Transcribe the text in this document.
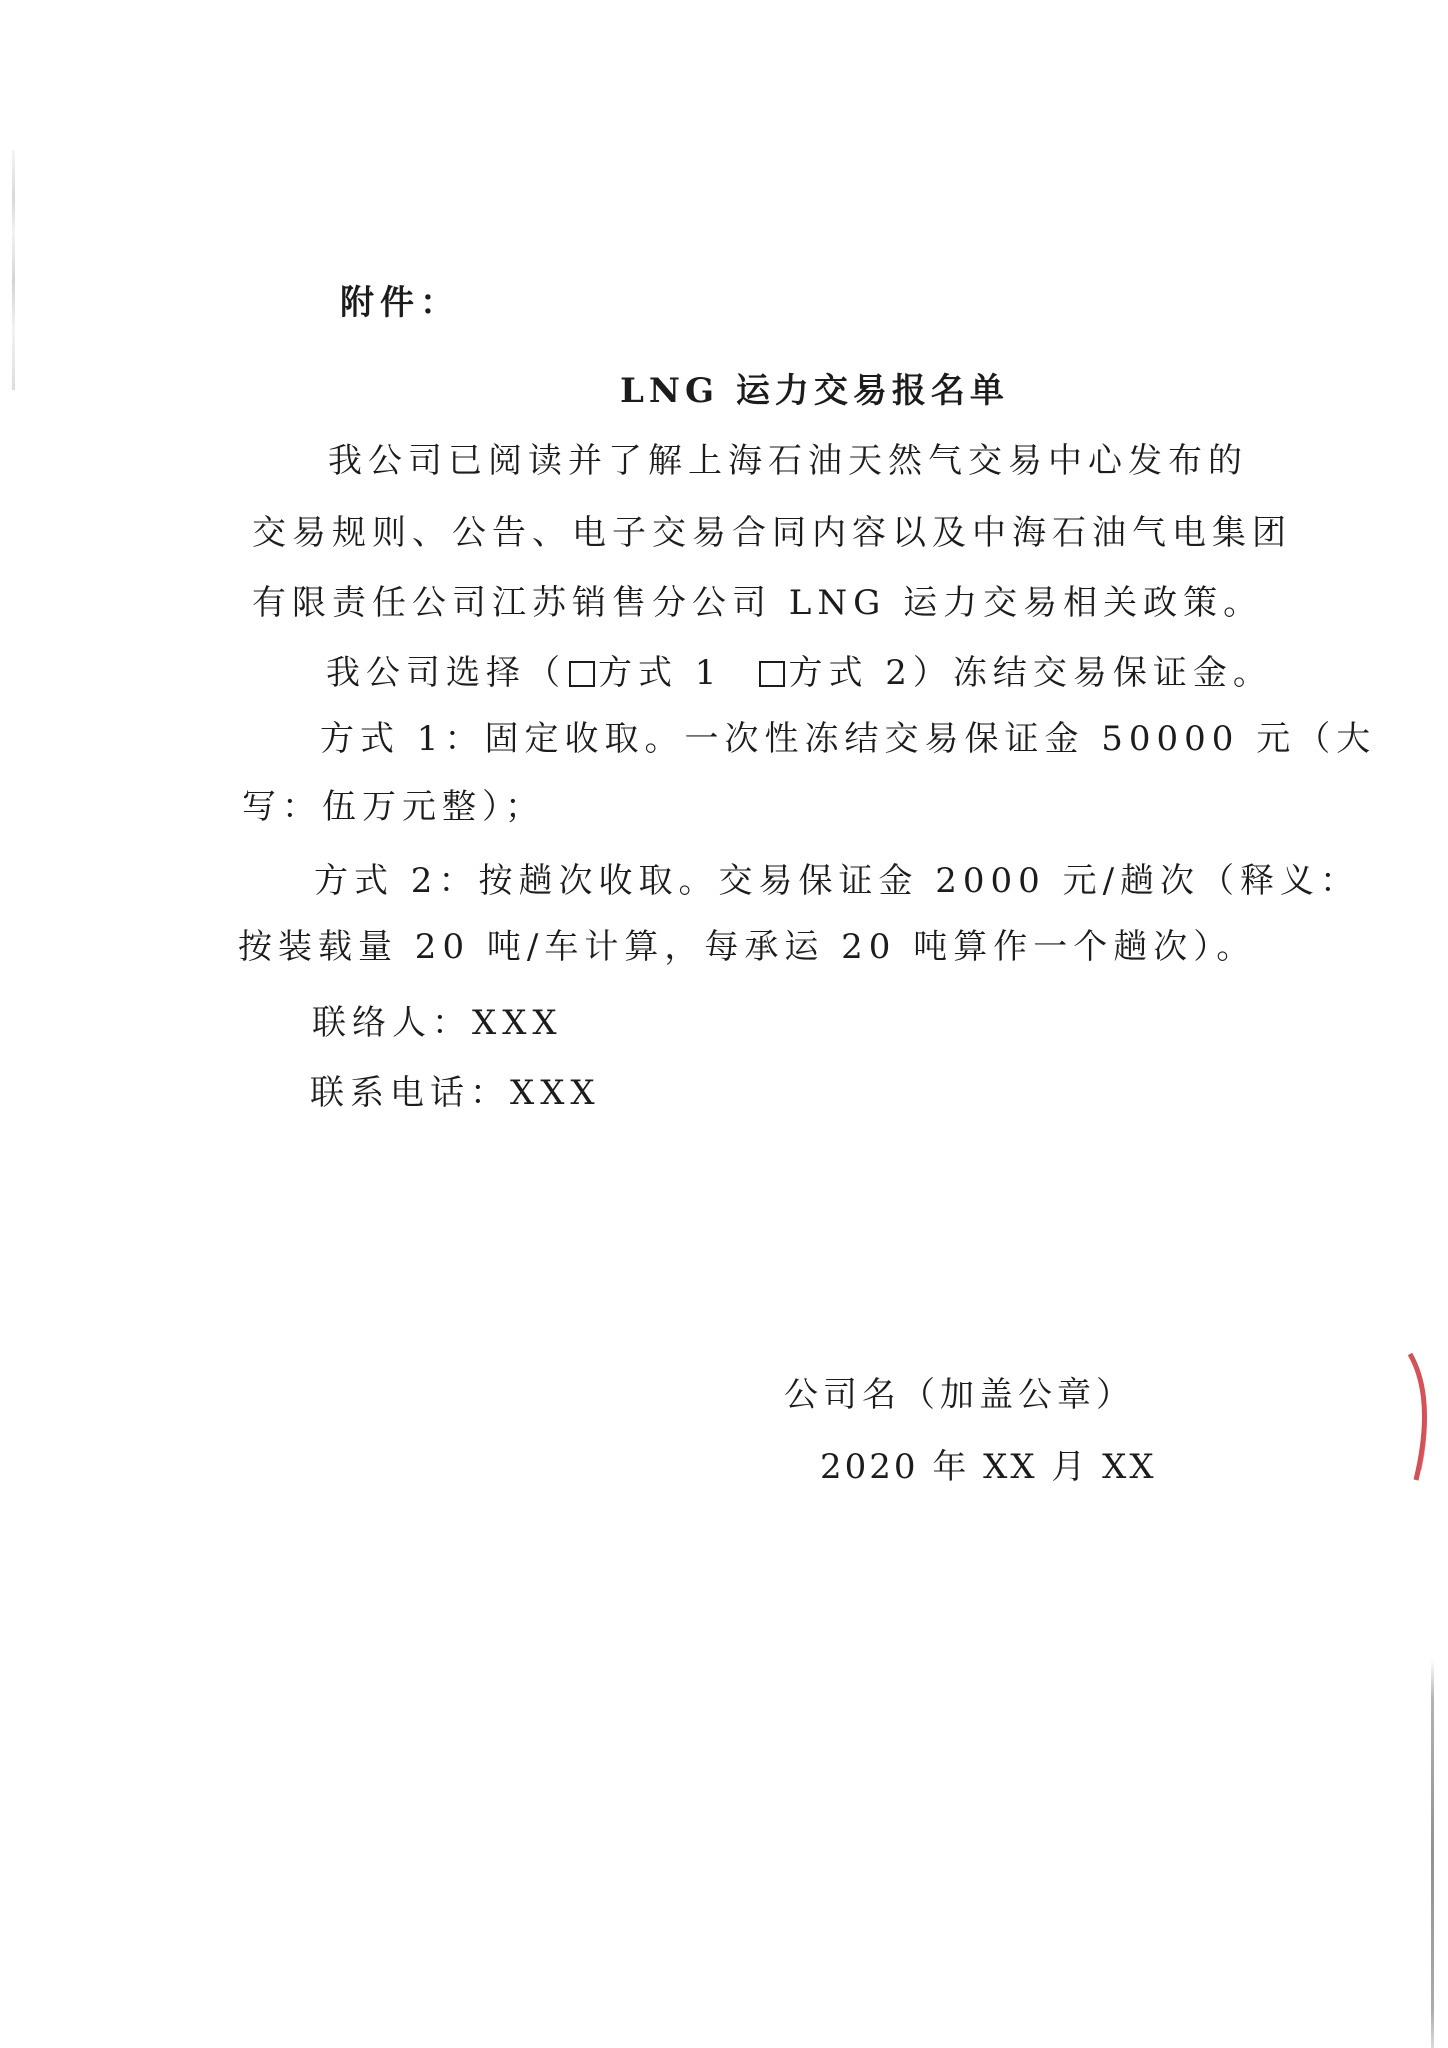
附件：
LNG 运力交易报名单
我公司已阅读并了解上海石油天然气交易中心发布的
交易规则、公告、电子交易合同内容以及中海石油气电集团
有限责任公司江苏销售分公司 LNG 运力交易相关政策。
我公司选择（ 方式 1 方式 2）冻结交易保证金。
方式 1：固定收取。一次性冻结交易保证金 50000 元（大
写：伍万元整）；
方式 2：按趟次收取。交易保证金 2000 元/趟次（释义：
按装载量 20 吨/车计算，每承运 20 吨算作一个趟次）。
联络人：XXX
联系电话：XXX
公司名（加盖公章）
2020 年 XX 月 XX
